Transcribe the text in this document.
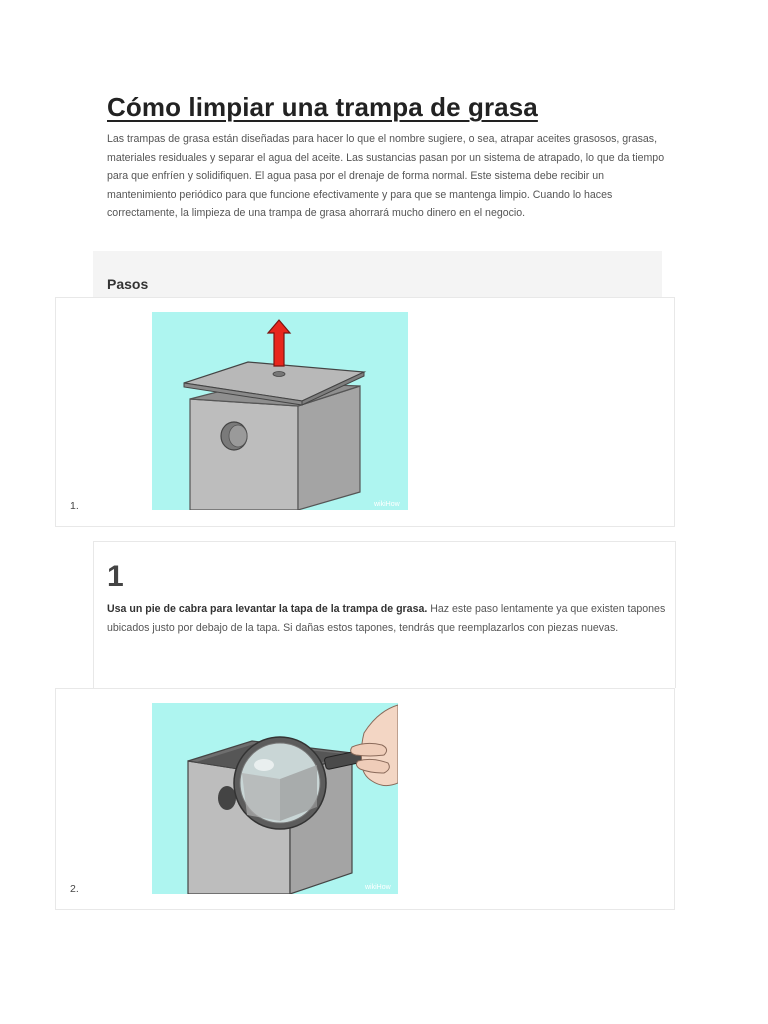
Cómo limpiar una trampa de grasa

Las trampas de grasa están diseñadas para hacer lo que el nombre sugiere, o sea, atrapar aceites grasosos, grasas, materiales residuales y separar el agua del aceite. Las sustancias pasan por un sistema de atrapado, lo que da tiempo para que enfríen y solidifiquen. El agua pasa por el drenaje de forma normal. Este sistema debe recibir un mantenimiento periódico para que funcione efectivamente y para que se mantenga limpio. Cuando lo haces correctamente, la limpieza de una trampa de grasa ahorrará mucho dinero en el negocio.

Pasos
1.	wikiHow
1

Usa un pie de cabra para levantar la tapa de la trampa de grasa. Haz este paso lentamente ya que existen tapones ubicados justo por debajo de la tapa. Si dañas estos tapones, tendrás que reemplazarlos con piezas nuevas.

2.	wikiHow
